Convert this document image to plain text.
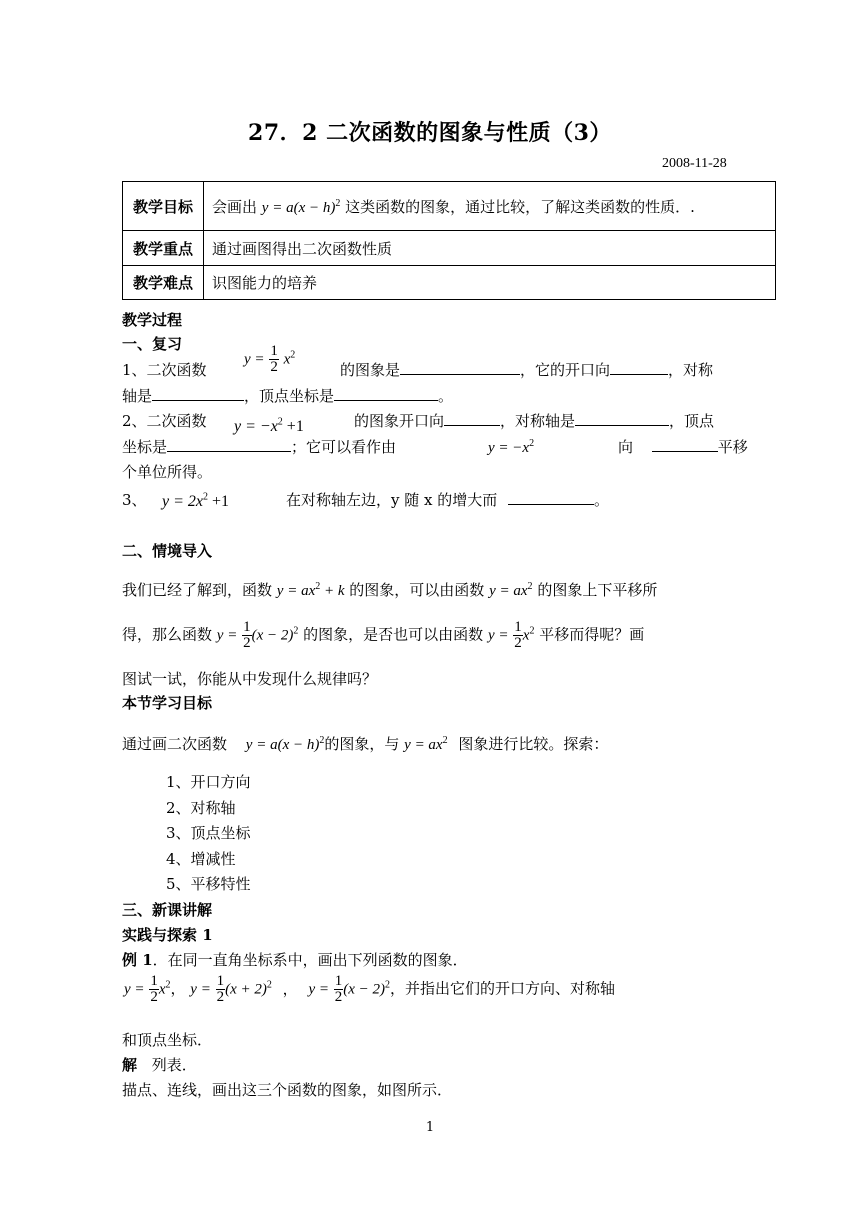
27．2 二次函数的图象与性质（3）
2008-11-28
教学目标	会画出 $y = a(x - h)^2$ 这类函数的图象，通过比较，了解这类函数的性质．.
教学重点	通过画图得出二次函数性质
教学难点	识图能力的培养
教学过程
一、复习
1、二次函数
$y = \frac{1}{2} x^2$
的图象是	，它的开口向	，对称
轴是	，顶点坐标是	。
2、二次函数 $y = -x^2 +1$	的图象开口向	，对称轴是	，顶点
坐标是	；它可以看作由	$y = -x^2$	向	平移
个单位所得。
3、 $y = 2x^2 +1$	在对称轴左边，y 随 x 的增大而	。
二、情境导入
我们已经了解到，函数 $y = ax^2 + k$ 的图象，可以由函数 $y = ax^2$ 的图象上下平移所
得，那么函数 $y = \frac{1}{2} (x - 2)^2$ 的图象，是否也可以由函数 $y = \frac{1}{2} x^2$ 平移而得呢？画
图试一试，你能从中发现什么规律吗？
本节学习目标
通过画二次函数 $y = a(x - h)^2$的图象，与 $y = ax^2$ 图象进行比较。探索：
1、开口方向
2、对称轴
3、顶点坐标
4、增减性
5、平移特性
三、新课讲解
实践与探索 1
例 1．在同一直角坐标系中，画出下列函数的图象．
$y = \frac{1}{2} x^2$， $y = \frac{1}{2} (x + 2)^2$ ， $y = \frac{1}{2} (x - 2)^2$，并指出它们的开口方向、对称轴
和顶点坐标．
解 列表．
描点、连线，画出这三个函数的图象，如图所示．
1
